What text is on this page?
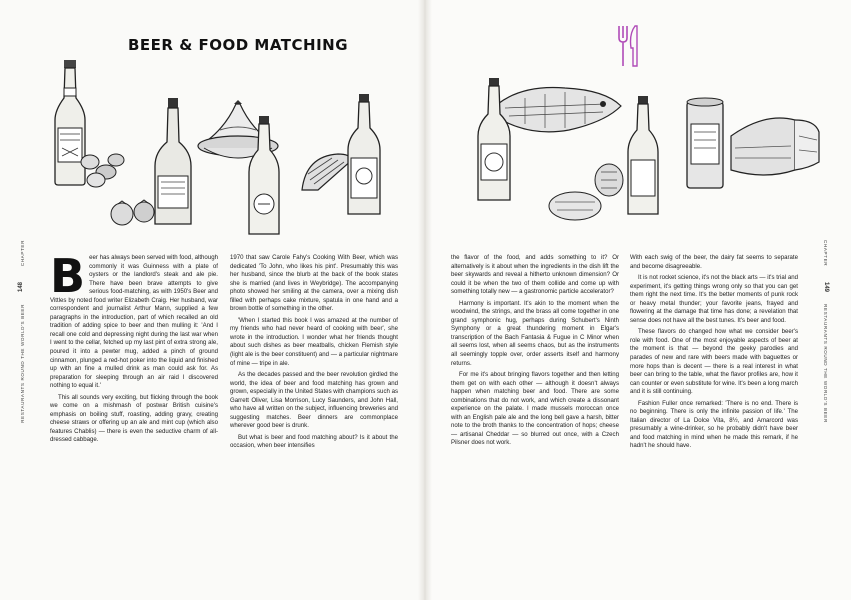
BEER & FOOD MATCHING
B eer has always been served with food, although commonly it was Guinness with a plate of oysters or the landlord's steak and ale pie. There have been brave attempts to give serious food-matching, as with 1950's Beer and Vittles by noted food writer Elizabeth Craig. Her husband, war correspondent and journalist Arthur Mann, supplied a few paragraphs in the introduction, part of which recalled an old tradition of adding spice to beer and then mulling it: 'And I recall one cold and depressing night during the last war when I went to the cellar, fetched up my last pint of extra strong ale, poured it into a pewter mug, added a pinch of ground cinnamon, plunged a red-hot poker into the liquid and finished up with an fine a mulled drink as man could ask for. As preparation for sleeping through an air raid I discovered nothing to equal it.'

This all sounds very exciting, but flicking through the book we come on a mishmash of postwar British cuisine's emphasis on boiling stuff, roasting, adding gravy, creating cheese straws or offering up an ale and mint cup (which also features Chablis) — there is even the seductive charm of all-dressed cabbage.

1970 that saw Carole Fahy's Cooking With Beer, which was dedicated 'To John, who likes his pint'. Presumably this was her husband, since the blurb at the back of the book states she is married (and lives in Weybridge). The accompanying photo showed her smiling at the camera, over a mixing dish filled with perhaps cake mixture, spatula in one hand and a brown bottle of something in the other.

'When I started this book I was amazed at the number of my friends who had never heard of cooking with beer', she wrote in the introduction. I wonder what her friends thought about such dishes as beer meatballs, chicken Flemish style (light ale is the beer constituent) and — a particular nightmare of mine — tripe in ale.

As the decades passed and the beer revolution girdled the world, the idea of beer and food matching has grown and grown, especially in the United States with champions such as Garrett Oliver, Lisa Morrison, Lucy Saunders, and John Hall, who have all written on the subject, influencing breweries and suggesting matches. Beer dinners are commonplace wherever good beer is drunk.

But what is beer and food matching about? Is it about the occasion, when beer intensifies

CHAPTER
148
RESTAURANTS ROUND THE WORLD'S BEER

the flavor of the food, and adds something to it? Or alternatively is it about when the ingredients in the dish lift the beer skywards and reveal a hitherto unknown dimension? Or could it be when the two of them collide and come up with something totally new — a gastronomic particle accelerator?

Harmony is important. It's akin to the moment when the woodwind, the strings, and the brass all come together in one grand symphonic hug, perhaps during Schubert's Ninth Symphony or a great thundering moment in Elgar's transcription of the Bach Fantasia & Fugue in C Minor when all seems lost, when all seems chaos, but as the instruments all seemingly topple over, order asserts itself and harmony returns.

For me it's about bringing flavors together and then letting them get on with each other — although it doesn't always happen when matching beer and food. There are some combinations that do not work, and which create a dissonant experience on the palate. I made mussels moroccan once with an English pale ale and the long bell gave a harsh, bitter note to the broth thanks to the concentration of hops; cheese — artisanal Cheddar — so blurred out once, with a Czech Pilsner does not work.

With each swig of the beer, the dairy fat seems to separate and become disagreeable.

It is not rocket science, it's not the black arts — it's trial and experiment, it's getting things wrong only so that you can get them right the next time. It's the better moments of punk rock or heavy metal thunder; your favorite jeans, frayed and flowering at the damage that time has done; a revelation that sense does not have all the best tunes. It's beer and food.

These flavors do changed how what we consider beer's role with food. One of the most enjoyable aspects of beer at the moment is that — beyond the geeky parodies and parades of new and rare with beers made with baguettes or more hops than is decent — there is a real interest in what beer can bring to the table, what the flavor profiles are, how it can counter or even substitute for wine. It's been a long march and it is still continuing.

Fashion Fuller once remarked: 'There is no end. There is no beginning. There is only the infinite passion of life.' The Italian director of La Dolce Vita, 8½, and Amarcord was presumably a wine-drinker, so he probably didn't have beer and food matching in mind when he made this remark, if he hadn't he should have.

CHAPTER
149
RESTAURANTS ROUND THE WORLD'S BEER
